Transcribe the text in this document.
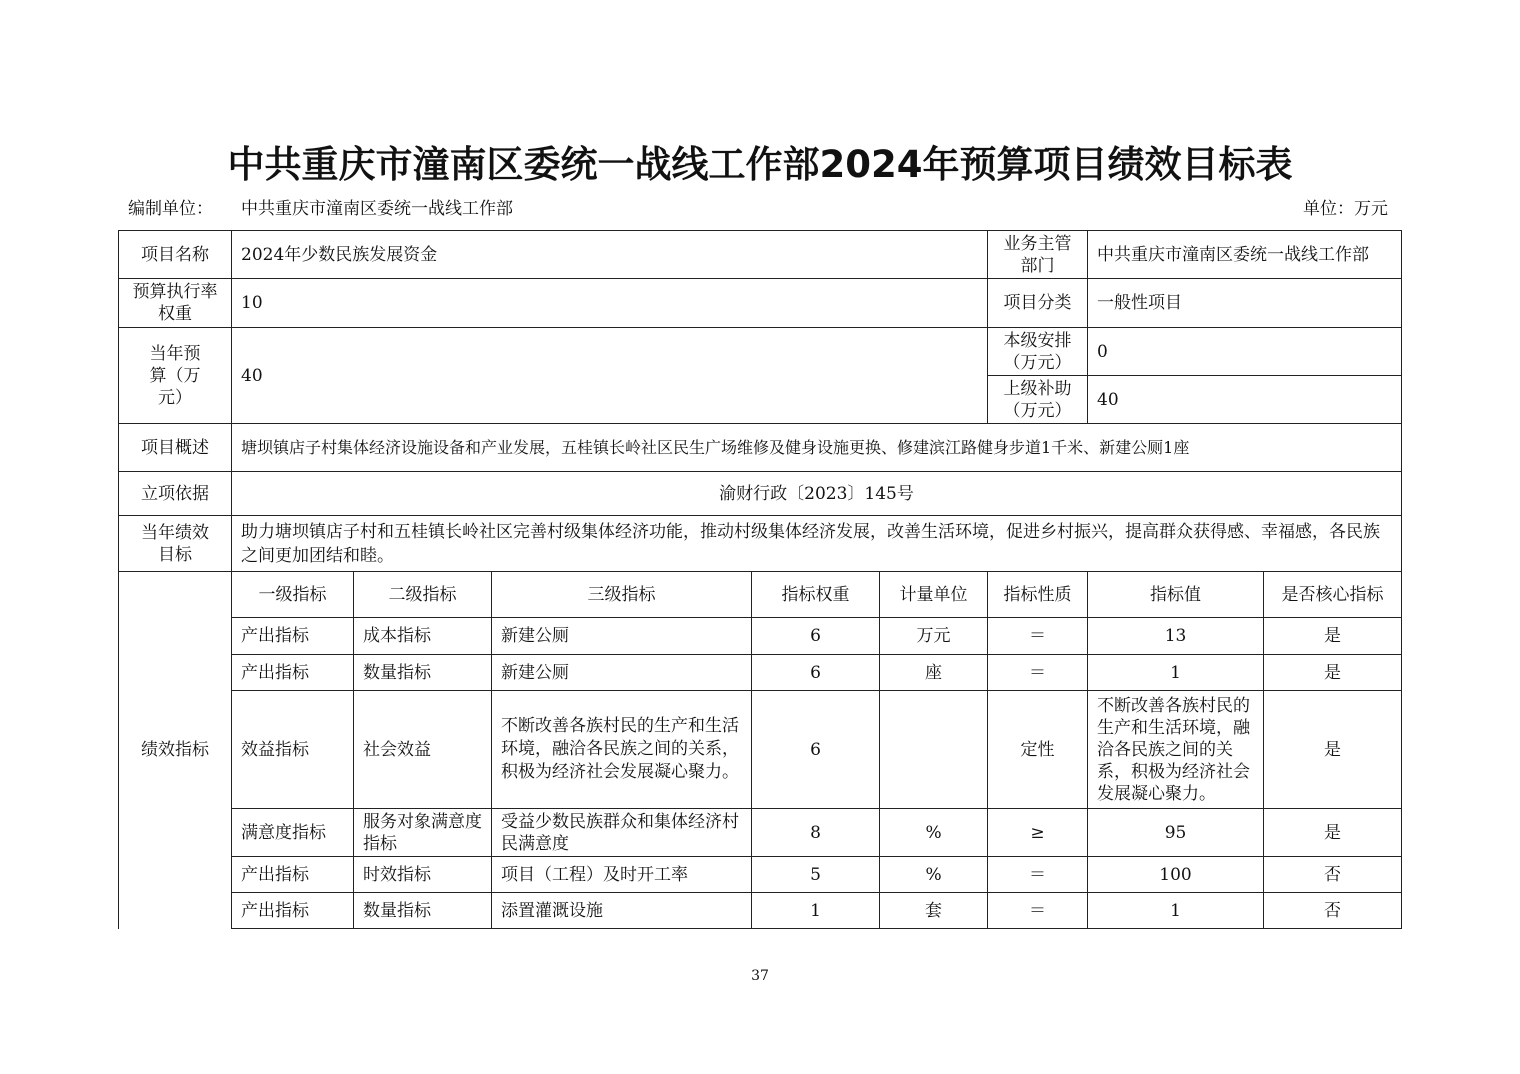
中共重庆市潼南区委统一战线工作部2024年预算项目绩效目标表
编制单位： 中共重庆市潼南区委统一战线工作部	单位：万元
项目名称	2024年少数民族发展资金					业务主管部门	中共重庆市潼南区委统一战线工作部	
预算执行率权重	10					项目分类	一般性项目	
当年预算（万元）	40					本级安排（万元）	0	
						上级补助（万元）	40	
项目概述	塘坝镇店子村集体经济设施设备和产业发展，五桂镇长岭社区民生广场维修及健身设施更换、修建滨江路健身步道1千米、新建公厕1座							
立项依据	渝财行政〔2023〕145号							
当年绩效目标	助力塘坝镇店子村和五桂镇长岭社区完善村级集体经济功能，推动村级集体经济发展，改善生活环境，促进乡村振兴，提高群众获得感、幸福感，各民族之间更加团结和睦。							
绩效指标	一级指标	二级指标	三级指标	指标权重	计量单位	指标性质	指标值	是否核心指标
	产出指标	成本指标	新建公厕	6	万元	＝	13	是
	产出指标	数量指标	新建公厕	6	座	＝	1	是
	效益指标	社会效益	不断改善各族村民的生产和生活环境，融洽各民族之间的关系，积极为经济社会发展凝心聚力。	6		定性	不断改善各族村民的生产和生活环境，融洽各民族之间的关系，积极为经济社会发展凝心聚力。	是
	满意度指标	服务对象满意度指标	受益少数民族群众和集体经济村民满意度	8	%	≥	95	是
	产出指标	时效指标	项目（工程）及时开工率	5	%	＝	100	否
	产出指标	数量指标	添置灌溉设施	1	套	＝	1	否
37
